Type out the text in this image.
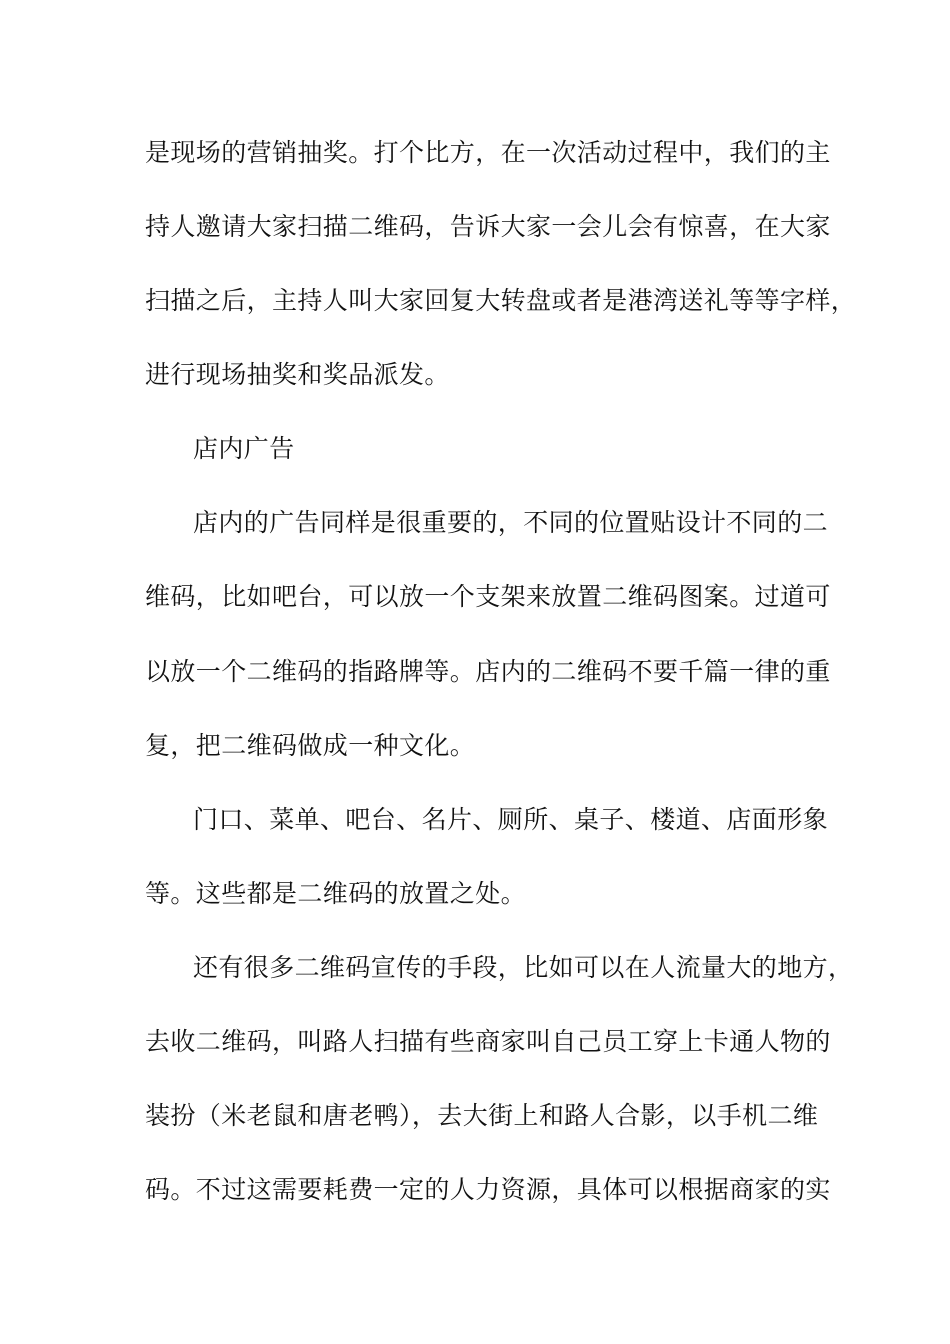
是现场的营销抽奖。打个比方，在一次活动过程中，我们的主
持人邀请大家扫描二维码，告诉大家一会儿会有惊喜，在大家
扫描之后，主持人叫大家回复大转盘或者是港湾送礼等等字样，
进行现场抽奖和奖品派发。
店内广告
店内的广告同样是很重要的，不同的位置贴设计不同的二
维码，比如吧台，可以放一个支架来放置二维码图案。过道可
以放一个二维码的指路牌等。店内的二维码不要千篇一律的重
复，把二维码做成一种文化。
门口、菜单、吧台、名片、厕所、桌子、楼道、店面形象
等。这些都是二维码的放置之处。
还有很多二维码宣传的手段，比如可以在人流量大的地方，
去收二维码，叫路人扫描有些商家叫自己员工穿上卡通人物的
装扮（米老鼠和唐老鸭），去大街上和路人合影，以手机二维
码。不过这需要耗费一定的人力资源，具体可以根据商家的实
